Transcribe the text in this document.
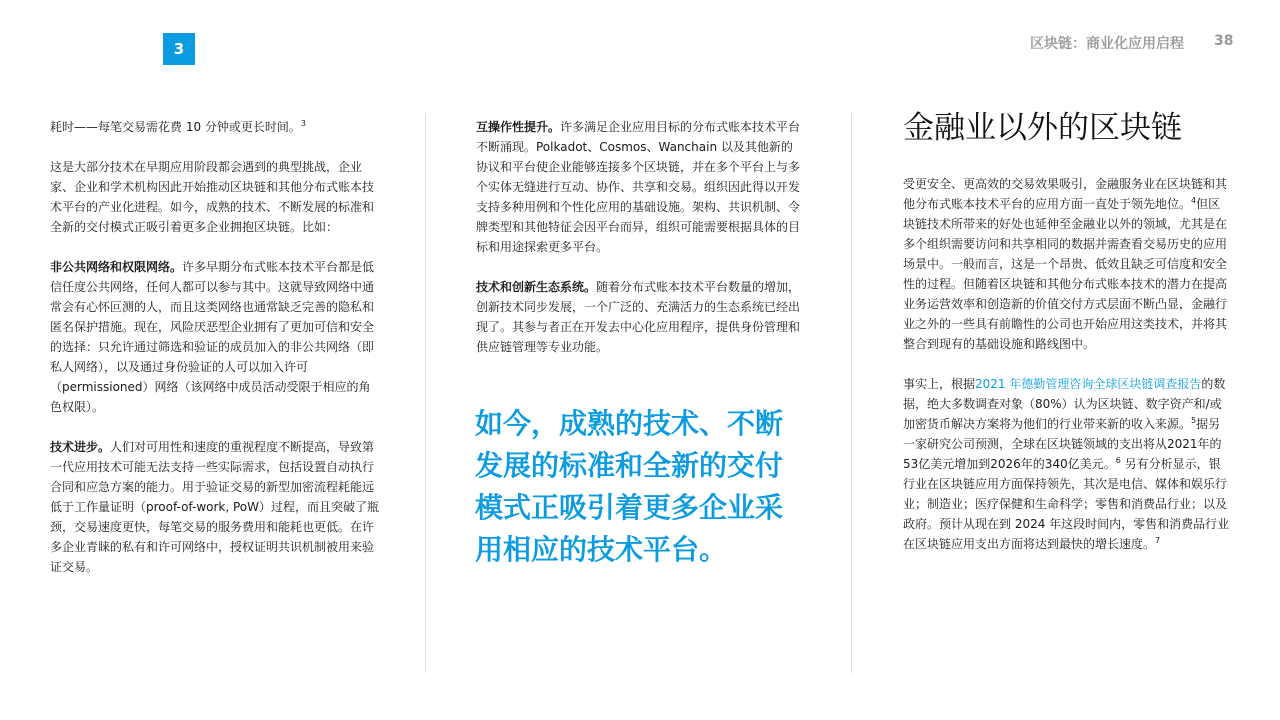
3	区块链：商业化应用启程 38

耗时——每笔交易需花费 10 分钟或更长时间。$^3$

这是大部分技术在早期应用阶段都会遇到的典型挑战，企业家、企业和学术机构因此开始推动区块链和其他分布式账本技术平台的产业化进程。如今，成熟的技术、不断发展的标准和全新的交付模式正吸引着更多企业拥抱区块链。比如：

非公共网络和权限网络。许多早期分布式账本技术平台都是低信任度公共网络，任何人都可以参与其中。这就导致网络中通常会有心怀叵测的人，而且这类网络也通常缺乏完善的隐私和匿名保护措施。现在，风险厌恶型企业拥有了更加可信和安全的选择：只允许通过筛选和验证的成员加入的非公共网络（即私人网络），以及通过身份验证的人可以加入许可（permissioned）网络（该网络中成员活动受限于相应的角色权限）。

技术进步。人们对可用性和速度的重视程度不断提高，导致第一代应用技术可能无法支持一些实际需求，包括设置自动执行合同和应急方案的能力。用于验证交易的新型加密流程耗能远低于工作量证明（proof-of-work, PoW）过程，而且突破了瓶颈，交易速度更快，每笔交易的服务费用和能耗也更低。在许多企业青睐的私有和许可网络中，授权证明共识机制被用来验证交易。

互操作性提升。许多满足企业应用目标的分布式账本技术平台不断涌现。Polkadot、Cosmos、Wanchain 以及其他新的协议和平台使企业能够连接多个区块链，并在多个平台上与多个实体无缝进行互动、协作、共享和交易。组织因此得以开发支持多种用例和个性化应用的基础设施。架构、共识机制、令牌类型和其他特征会因平台而异，组织可能需要根据具体的目标和用途探索更多平台。

技术和创新生态系统。随着分布式账本技术平台数量的增加，创新技术同步发展，一个广泛的、充满活力的生态系统已经出现了。其参与者正在开发去中心化应用程序，提供身份管理和供应链管理等专业功能。

如今，成熟的技术、不断发展的标准和全新的交付模式正吸引着更多企业采用相应的技术平台。
金融业以外的区块链

受更安全、更高效的交易效果吸引，金融服务业在区块链和其他分布式账本技术平台的应用方面一直处于领先地位。$^4$但区块链技术所带来的好处也延伸至金融业以外的领域，尤其是在多个组织需要访问和共享相同的数据并需查看交易历史的应用场景中。一般而言，这是一个昂贵、低效且缺乏可信度和安全性的过程。但随着区块链和其他分布式账本技术的潜力在提高业务运营效率和创造新的价值交付方式层面不断凸显，金融行业之外的一些具有前瞻性的公司也开始应用这类技术，并将其整合到现有的基础设施和路线图中。

事实上，根据2021 年德勤管理咨询全球区块链调查报告的数据，绝大多数调查对象（80%）认为区块链、数字资产和/或加密货币解决方案将为他们的行业带来新的收入来源。$^5$据另一家研究公司预测，全球在区块链领域的支出将从2021年的53亿美元增加到2026年的340亿美元。$^6$ 另有分析显示，银行业在区块链应用方面保持领先，其次是电信、媒体和娱乐行业；制造业；医疗保健和生命科学；零售和消费品行业；以及政府。预计从现在到 2024 年这段时间内，零售和消费品行业在区块链应用支出方面将达到最快的增长速度。$^7$
